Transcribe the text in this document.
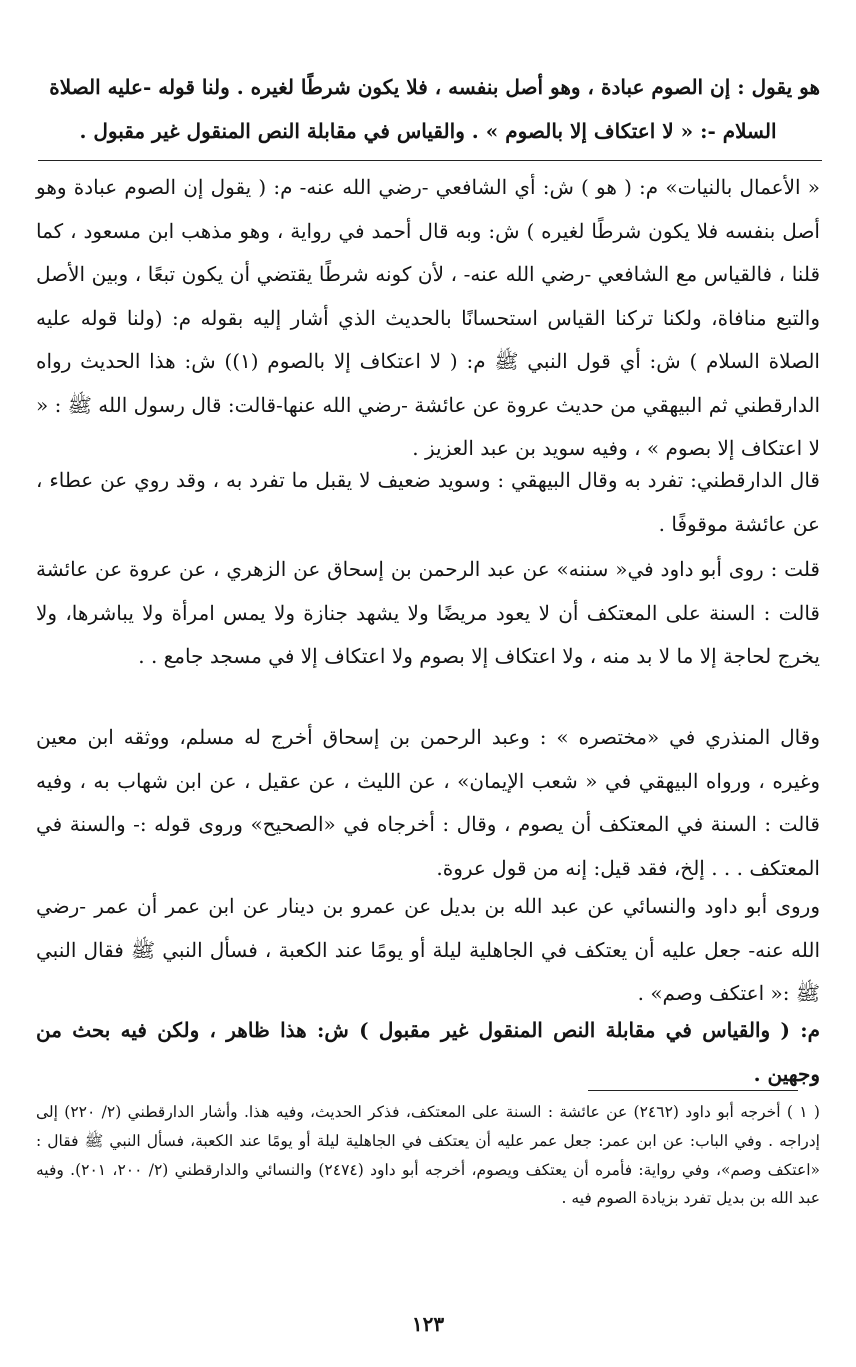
هو يقول : إن الصوم عبادة ، وهو أصل بنفسه ، فلا يكون شرطًا لغيره . ولنا قوله -عليه الصلاة
السلام -: « لا اعتكاف إلا بالصوم » . والقياس في مقابلة النص المنقول غير مقبول .

« الأعمال بالنيات» م: ( هو ) ش: أي الشافعي -رضي الله عنه- م: ( يقول إن الصوم عبادة وهو أصل بنفسه فلا يكون شرطًا لغيره ) ش: وبه قال أحمد في رواية ، وهو مذهب ابن مسعود ، كما قلنا ، فالقياس مع الشافعي -رضي الله عنه- ، لأن كونه شرطًا يقتضي أن يكون تبعًا ، وبين الأصل والتبع منافاة، ولكنا تركنا القياس استحسانًا بالحديث الذي أشار إليه بقوله م: (ولنا قوله عليه الصلاة السلام ) ش: أي قول النبي ﷺ م: ( لا اعتكاف إلا بالصوم (١)) ش: هذا الحديث رواه الدارقطني ثم البيهقي من حديث عروة عن عائشة -رضي الله عنها-قالت: قال رسول الله ﷺ : « لا اعتكاف إلا بصوم » ، وفيه سويد بن عبد العزيز .

قال الدارقطني: تفرد به وقال البيهقي : وسويد ضعيف لا يقبل ما تفرد به ، وقد روي عن عطاء ، عن عائشة موقوفًا .

قلت : روى أبو داود في« سننه» عن عبد الرحمن بن إسحاق عن الزهري ، عن عروة عن عائشة قالت : السنة على المعتكف أن لا يعود مريضًا ولا يشهد جنازة ولا يمس امرأة ولا يباشرها، ولا يخرج لحاجة إلا ما لا بد منه ، ولا اعتكاف إلا بصوم ولا اعتكاف إلا في مسجد جامع . .

وقال المنذري في «مختصره » : وعبد الرحمن بن إسحاق أخرج له مسلم، ووثقه ابن معين وغيره ، ورواه البيهقي في « شعب الإيمان» ، عن الليث ، عن عقيل ، عن ابن شهاب به ، وفيه قالت : السنة في المعتكف أن يصوم ، وقال : أخرجاه في «الصحيح» وروى قوله :- والسنة في المعتكف . . . إلخ، فقد قيل: إنه من قول عروة.

وروى أبو داود والنسائي عن عبد الله بن بديل عن عمرو بن دينار عن ابن عمر أن عمر -رضي الله عنه- جعل عليه أن يعتكف في الجاهلية ليلة أو يومًا عند الكعبة ، فسأل النبي ﷺ فقال النبي ﷺ :« اعتكف وصم» .

م: ( والقياس في مقابلة النص المنقول غير مقبول ) ش: هذا ظاهر ، ولكن فيه بحث من وجهين .

( ١ ) أخرجه أبو داود (٢٤٦٢) عن عائشة : السنة على المعتكف، فذكر الحديث، وفيه هذا. وأشار الدارقطني (٢/ ٢٢٠) إلى إدراجه . وفي الباب: عن ابن عمر: جعل عمر عليه أن يعتكف في الجاهلية ليلة أو يومًا عند الكعبة، فسأل النبي ﷺ فقال : «اعتكف وصم»، وفي رواية: فأمره أن يعتكف ويصوم، أخرجه أبو داود (٢٤٧٤) والنسائي والدارقطني (٢/ ٢٠٠، ٢٠١). وفيه عبد الله بن بديل تفرد بزيادة الصوم فيه .

١٢٣
